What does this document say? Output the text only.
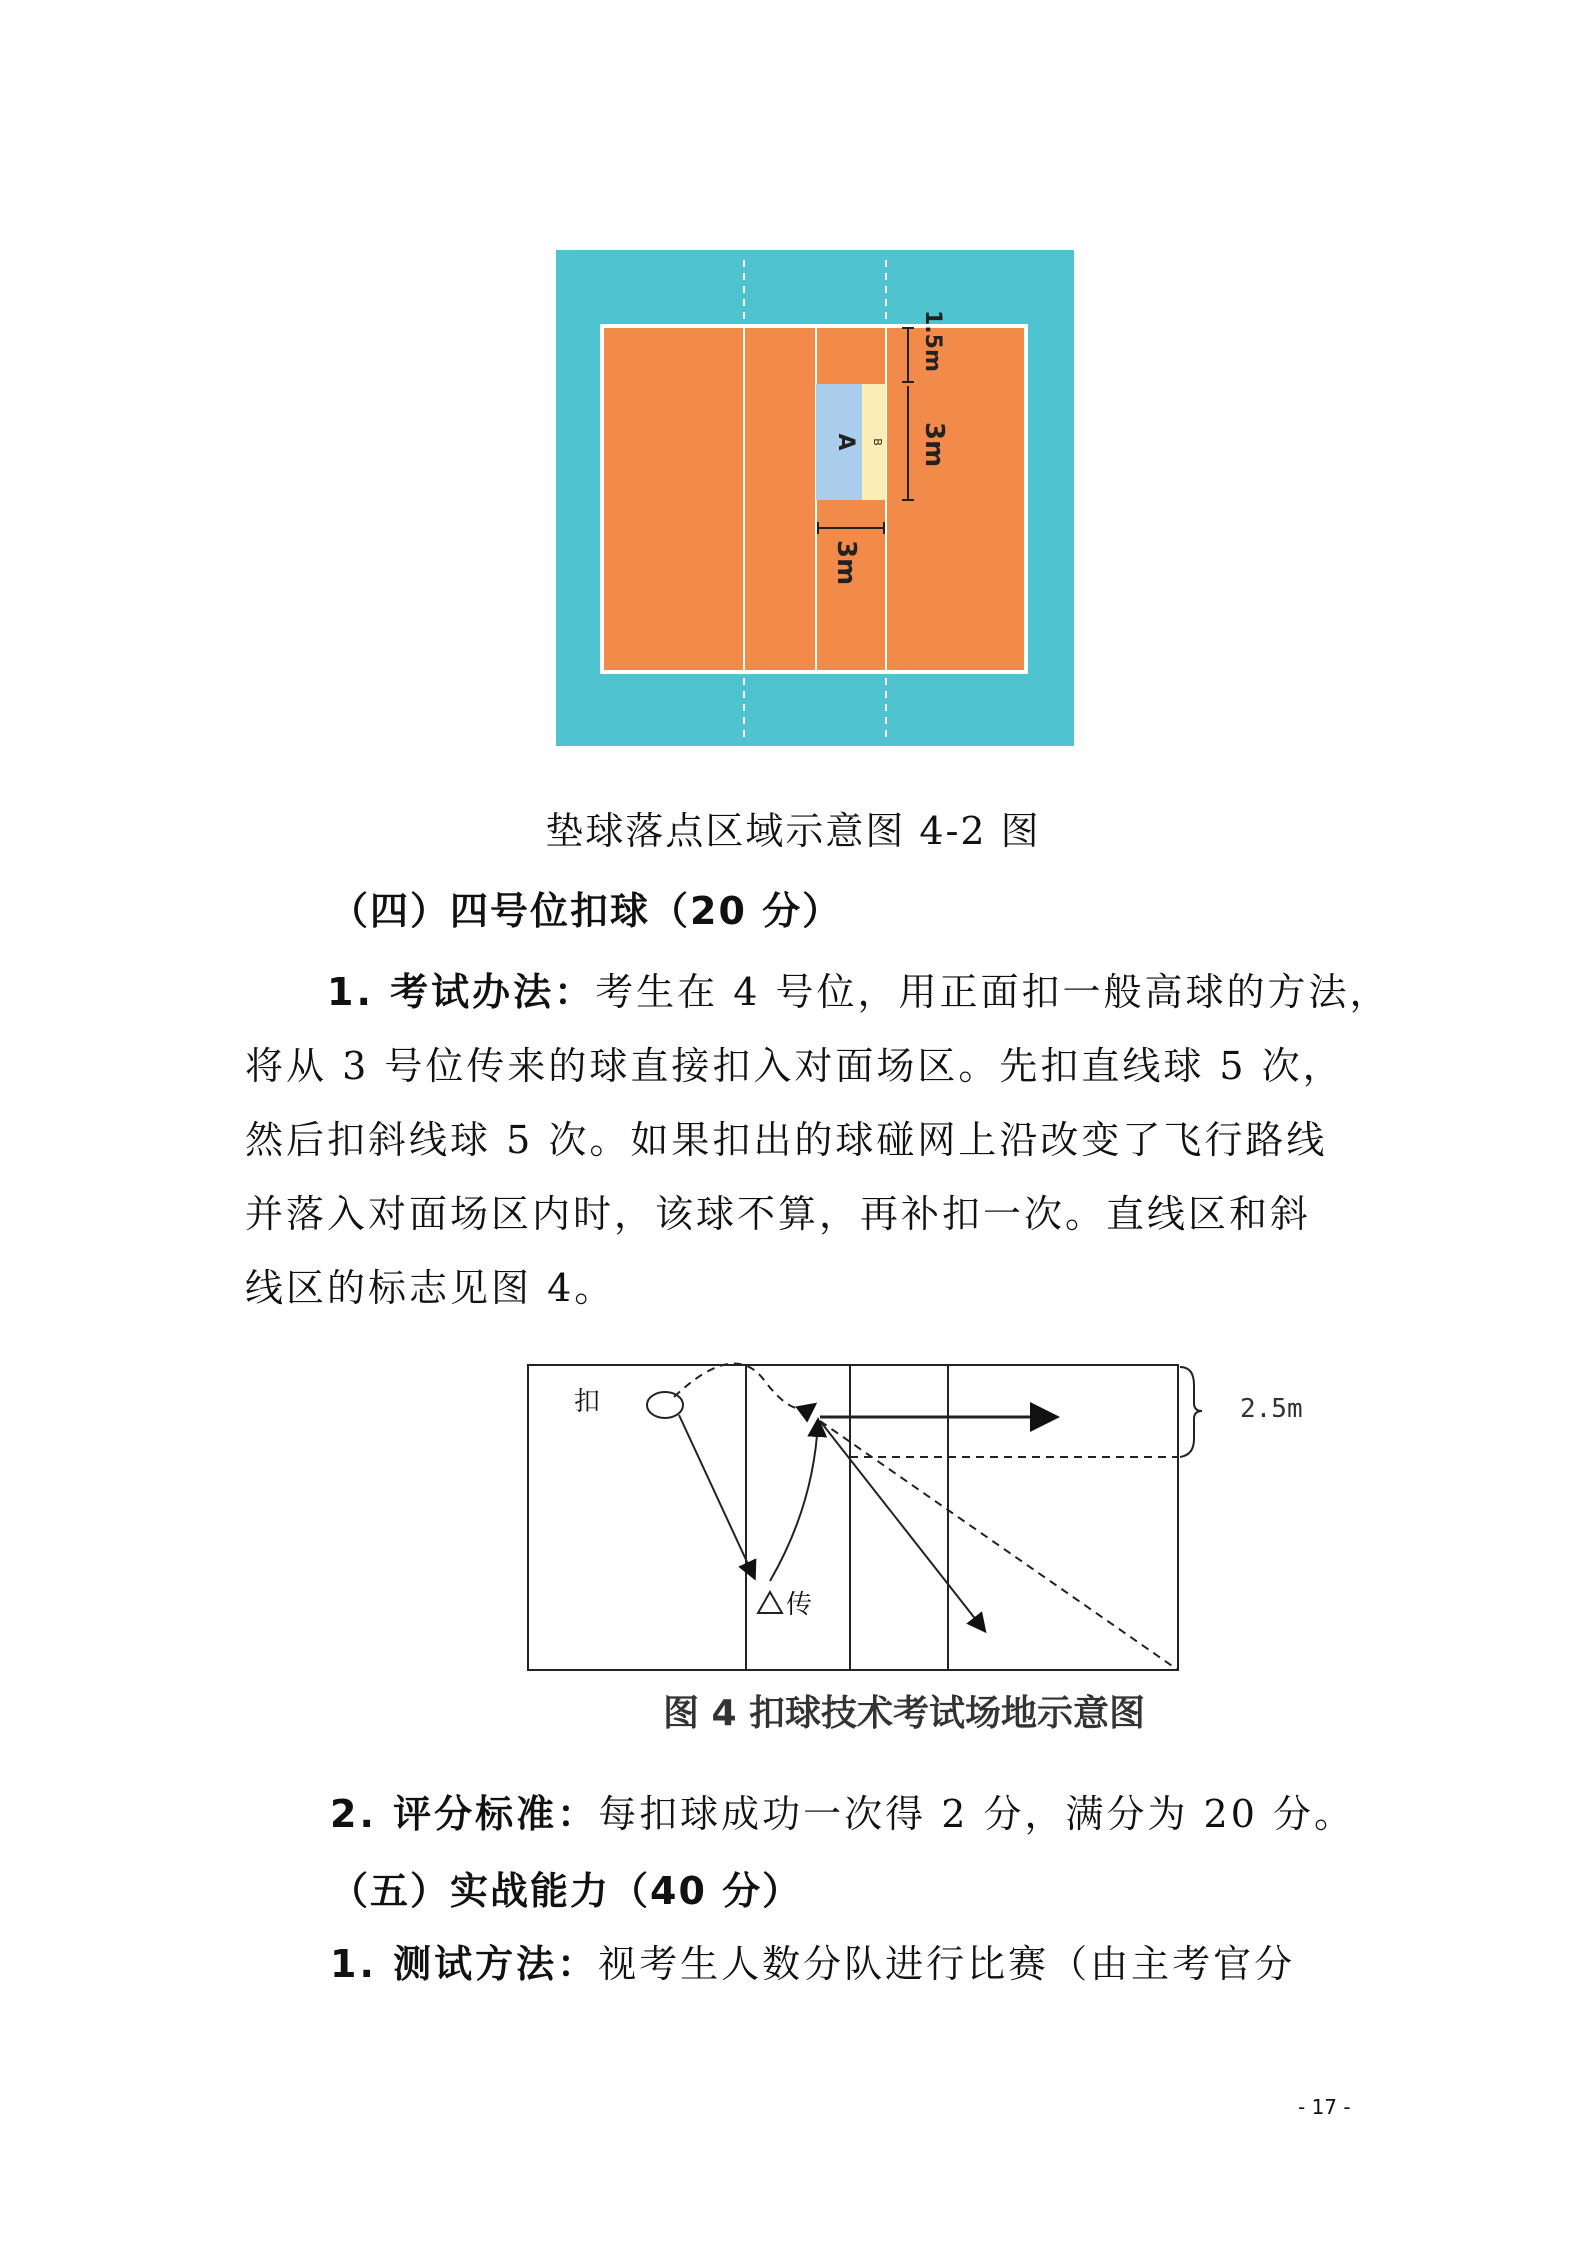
A B
1.5m
3m
3m
垫球落点区域示意图 4-2 图
（四）四号位扣球（20 分）
1. 考试办法：考生在 4 号位，用正面扣一般高球的方法，
将从 3 号位传来的球直接扣入对面场区。先扣直线球 5 次，
然后扣斜线球 5 次。如果扣出的球碰网上沿改变了飞行路线
并落入对面场区内时，该球不算，再补扣一次。直线区和斜
线区的标志见图 4。
2.5m
扣
传
图 4 扣球技术考试场地示意图
2. 评分标准：每扣球成功一次得 2 分，满分为 20 分。
（五）实战能力（40 分）
1. 测试方法：视考生人数分队进行比赛（由主考官分
- 17 -
